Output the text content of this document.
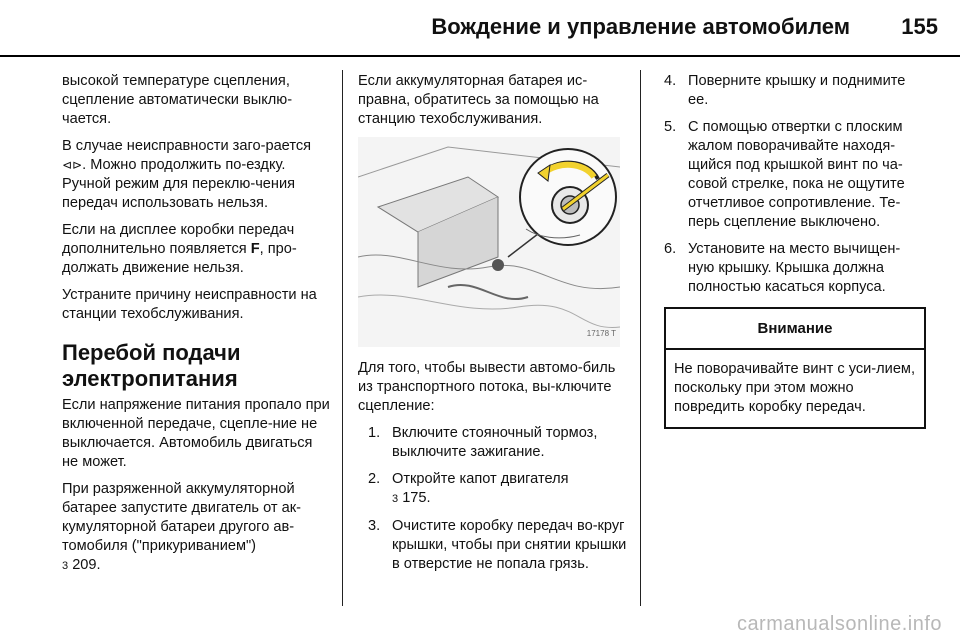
Вождение и управление автомобилем 155

высокой температуре сцепления, сцепление автоматически выклю-чается.

В случае неисправности заго-рается ⊲⊳. Можно продолжить по-ездку. Ручной режим для переклю-чения передач использовать нельзя.

Если на дисплее коробки передач дополнительно появляется F, про-должать движение нельзя.

Устраните причину неисправности на станции техобслуживания.

Перебой подачи электропитания

Если напряжение питания пропало при включенной передаче, сцепле-ние не выключается. Автомобиль двигаться не может.

При разряженной аккумуляторной батарее запустите двигатель от ак-кумуляторной батареи другого ав-томобиля ("прикуриванием")
3 209.

Если аккумуляторная батарея ис-правна, обратитесь за помощью на станцию техобслуживания.

17178 T

Для того, чтобы вывести автомо-биль из транспортного потока, вы-ключите сцепление:

1. Включите стояночный тормоз, выключите зажигание.
2. Откройте капот двигателя
3 175.
3. Очистите коробку передач во-круг крышки, чтобы при снятии крышки в отверстие не попала грязь.
4. Поверните крышку и поднимите ее.
5. С помощью отвертки с плоским жалом поворачивайте находя-щийся под крышкой винт по ча-совой стрелке, пока не ощутите отчетливое сопротивление. Те-перь сцепление выключено.
6. Установите на место вычищен-ную крышку. Крышка должна полностью касаться корпуса.
Внимание
Не поворачивайте винт с уси-лием, поскольку при этом можно повредить коробку передач.
carmanualsonline.info
